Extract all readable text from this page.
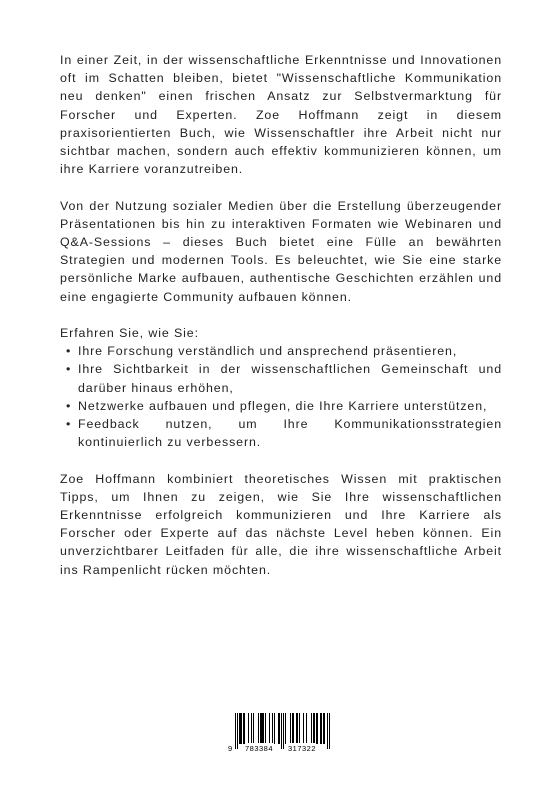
In einer Zeit, in der wissenschaftliche Erkenntnisse und Innovationen oft im Schatten bleiben, bietet "Wissenschaftliche Kommunikation neu denken" einen frischen Ansatz zur Selbstvermarktung für Forscher und Experten. Zoe Hoffmann zeigt in diesem praxisorientierten Buch, wie Wissenschaftler ihre Arbeit nicht nur sichtbar machen, sondern auch effektiv kommunizieren können, um ihre Karriere voranzutreiben.

Von der Nutzung sozialer Medien über die Erstellung überzeugender Präsentationen bis hin zu interaktiven Formaten wie Webinaren und Q&A-Sessions – dieses Buch bietet eine Fülle an bewährten Strategien und modernen Tools. Es beleuchtet, wie Sie eine starke persönliche Marke aufbauen, authentische Geschichten erzählen und eine engagierte Community aufbauen können.

Erfahren Sie, wie Sie:

• Ihre Forschung verständlich und ansprechend präsentieren,
• Ihre Sichtbarkeit in der wissenschaftlichen Gemeinschaft und darüber hinaus erhöhen,
• Netzwerke aufbauen und pflegen, die Ihre Karriere unterstützen,
• Feedback nutzen, um Ihre Kommunikationsstrategien kontinuierlich zu verbessern.

Zoe Hoffmann kombiniert theoretisches Wissen mit praktischen Tipps, um Ihnen zu zeigen, wie Sie Ihre wissenschaftlichen Erkenntnisse erfolgreich kommunizieren und Ihre Karriere als Forscher oder Experte auf das nächste Level heben können. Ein unverzichtbarer Leitfaden für alle, die ihre wissenschaftliche Arbeit ins Rampenlicht rücken möchten.

9 783384 317322
